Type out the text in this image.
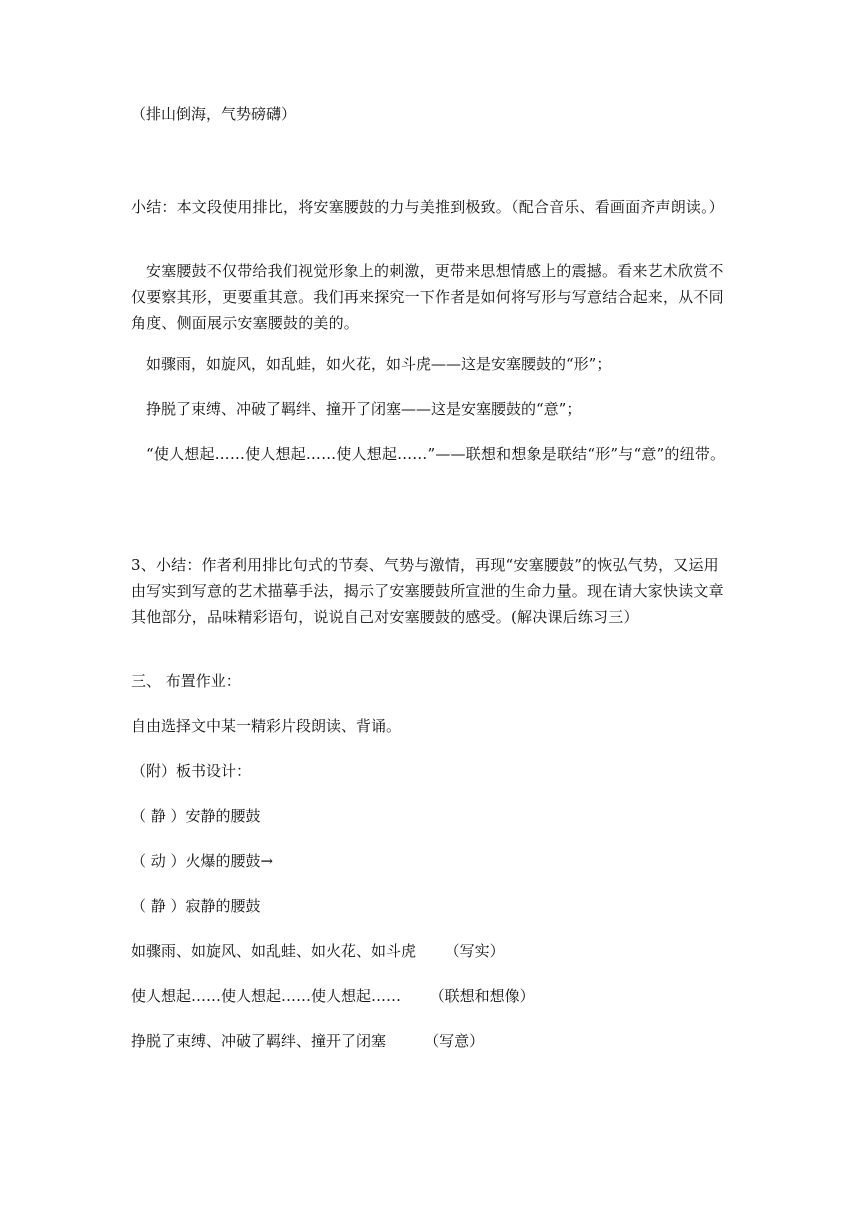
（排山倒海，气势磅礴）
小结：本文段使用排比，将安塞腰鼓的力与美推到极致。（配合音乐、看画面齐声朗读。）
安塞腰鼓不仅带给我们视觉形象上的刺激，更带来思想情感上的震撼。看来艺术欣赏不仅要察其形，更要重其意。我们再来探究一下作者是如何将写形与写意结合起来，从不同角度、侧面展示安塞腰鼓的美的。
如骤雨，如旋风，如乱蛙，如火花，如斗虎——这是安塞腰鼓的“形”；
挣脱了束缚、冲破了羁绊、撞开了闭塞——这是安塞腰鼓的“意”；
“使人想起……使人想起……使人想起……”——联想和想象是联结“形”与“意”的纽带。
3、小结：作者利用排比句式的节奏、气势与激情，再现“安塞腰鼓”的恢弘气势，又运用由写实到写意的艺术描摹手法，揭示了安塞腰鼓所宣泄的生命力量。现在请大家快读文章其他部分，品味精彩语句，说说自己对安塞腰鼓的感受。(解决课后练习三）
三、 布置作业：
自由选择文中某一精彩片段朗读、背诵。
（附）板书设计：
（ 静 ）安静的腰鼓
（ 动 ）火爆的腰鼓→
（ 静 ）寂静的腰鼓
如骤雨、如旋风、如乱蛙、如火花、如斗虎      （写实）
使人想起……使人想起……使人想起……      （联想和想像）
挣脱了束缚、冲破了羁绊、撞开了闭塞        （写意）
